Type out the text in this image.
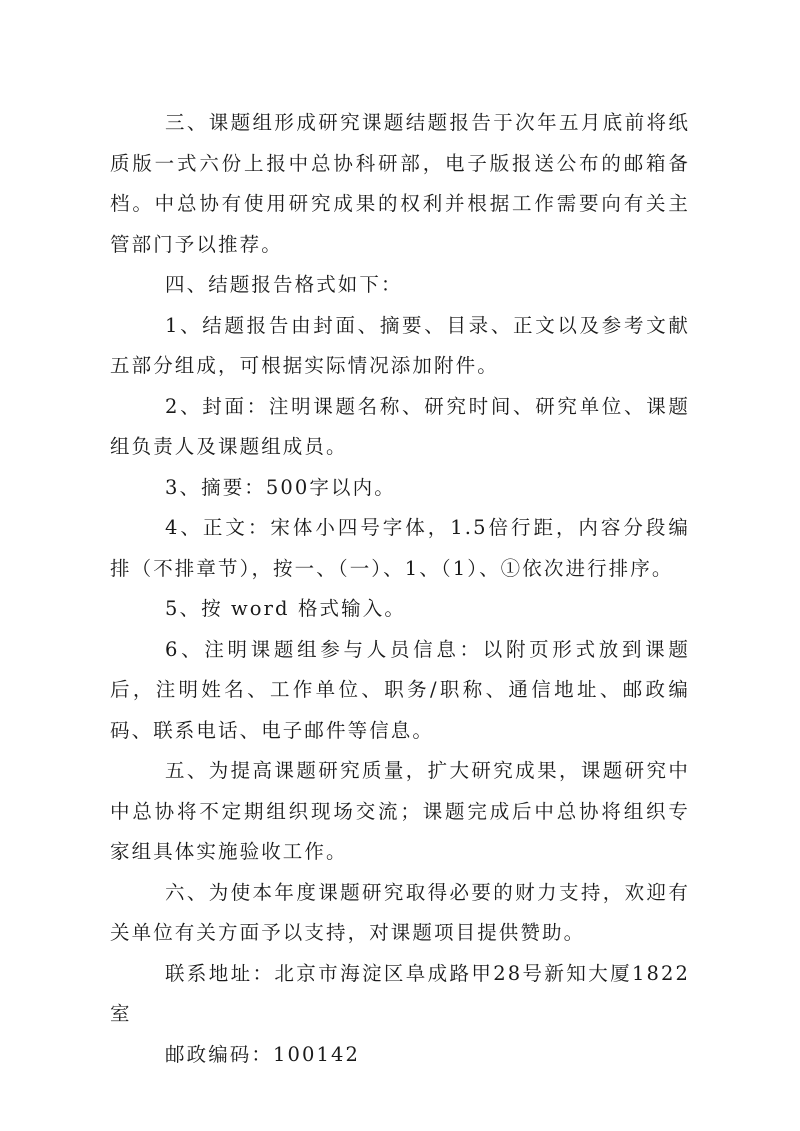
三、课题组形成研究课题结题报告于次年五月底前将纸质版一式六份上报中总协科研部，电子版报送公布的邮箱备档。中总协有使用研究成果的权利并根据工作需要向有关主管部门予以推荐。

四、结题报告格式如下：

1、结题报告由封面、摘要、目录、正文以及参考文献五部分组成，可根据实际情况添加附件。

2、封面：注明课题名称、研究时间、研究单位、课题组负责人及课题组成员。

3、摘要：500字以内。

4、正文：宋体小四号字体，1.5倍行距，内容分段编排（不排章节），按一、（一）、1、（1）、①依次进行排序。

5、按 word 格式输入。

6、注明课题组参与人员信息：以附页形式放到课题后，注明姓名、工作单位、职务/职称、通信地址、邮政编码、联系电话、电子邮件等信息。

五、为提高课题研究质量，扩大研究成果，课题研究中中总协将不定期组织现场交流；课题完成后中总协将组织专家组具体实施验收工作。

六、为使本年度课题研究取得必要的财力支持，欢迎有关单位有关方面予以支持，对课题项目提供赞助。

联系地址：北京市海淀区阜成路甲28号新知大厦1822室

邮政编码：100142
